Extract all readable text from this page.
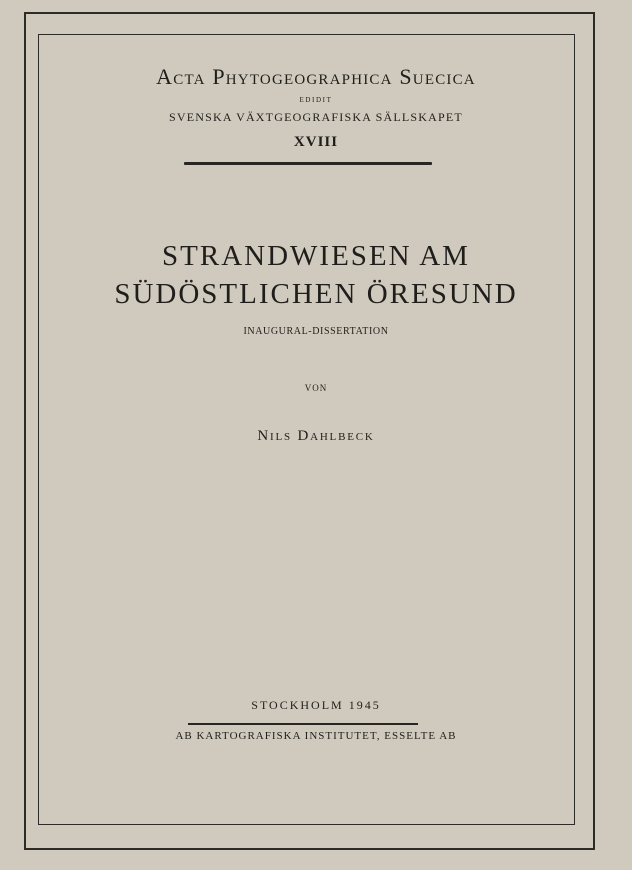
Acta Phytogeographica Suecica
EDIDIT
SVENSKA VÄXTGEOGRAFISKA SÄLLSKAPET
XVIII
STRANDWIESEN AM
SÜDÖSTLICHEN ÖRESUND
INAUGURAL-DISSERTATION
VON
Nils Dahlbeck
STOCKHOLM 1945
AB KARTOGRAFISKA INSTITUTET, ESSELTE AB
